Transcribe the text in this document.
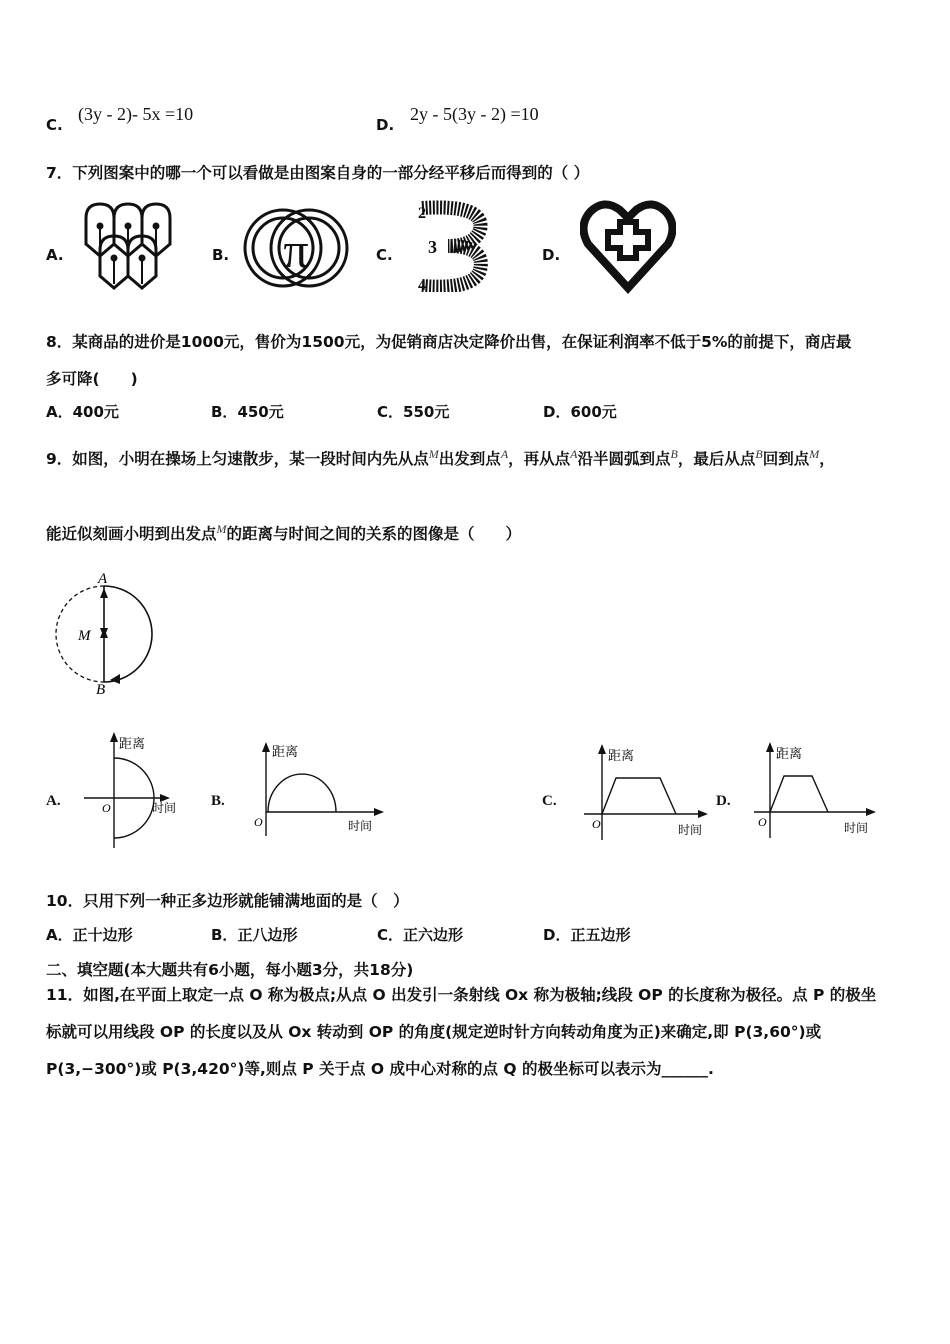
C.
(3y - 2)- 5x =10
D.
2y - 5(3y - 2) =10
7．下列图案中的哪一个可以看做是由图案自身的一部分经平移后而得到的（ ）
A.	B. π	C.
2
3
4
D.
8．某商品的进价是1000元，售价为1500元，为促销商店决定降价出售，在保证利润率不低于5%的前提下，商店最
多可降(　　)
A．400元	B．450元	C．550元	D．600元
9．如图，小明在操场上匀速散步，某一段时间内先从点$^M$出发到点$^A$，再从点$^A$沿半圆弧到点$^B$，最后从点$^B$回到点$^M$，
能近似刻画小明到出发点$^M$的距离与时间之间的关系的图像是（　　）
A
M
B
A.
距离
时间
O	B.
距离
时间
O
C.
距离
时间
O
D.
距离
时间
O
10．只用下列一种正多边形就能铺满地面的是（　）
A．正十边形	B．正八边形	C．正六边形	D．正五边形
二、填空题(本大题共有6小题，每小题3分，共18分)
11．如图,在平面上取定一点 O 称为极点;从点 O 出发引一条射线 Ox 称为极轴;线段 OP 的长度称为极径。点 P 的极坐
标就可以用线段 OP 的长度以及从 Ox 转动到 OP 的角度(规定逆时针方向转动角度为正)来确定,即 P(3,60°)或
P(3,−300°)或 P(3,420°)等,则点 P 关于点 O 成中心对称的点 Q 的极坐标可以表示为______.
